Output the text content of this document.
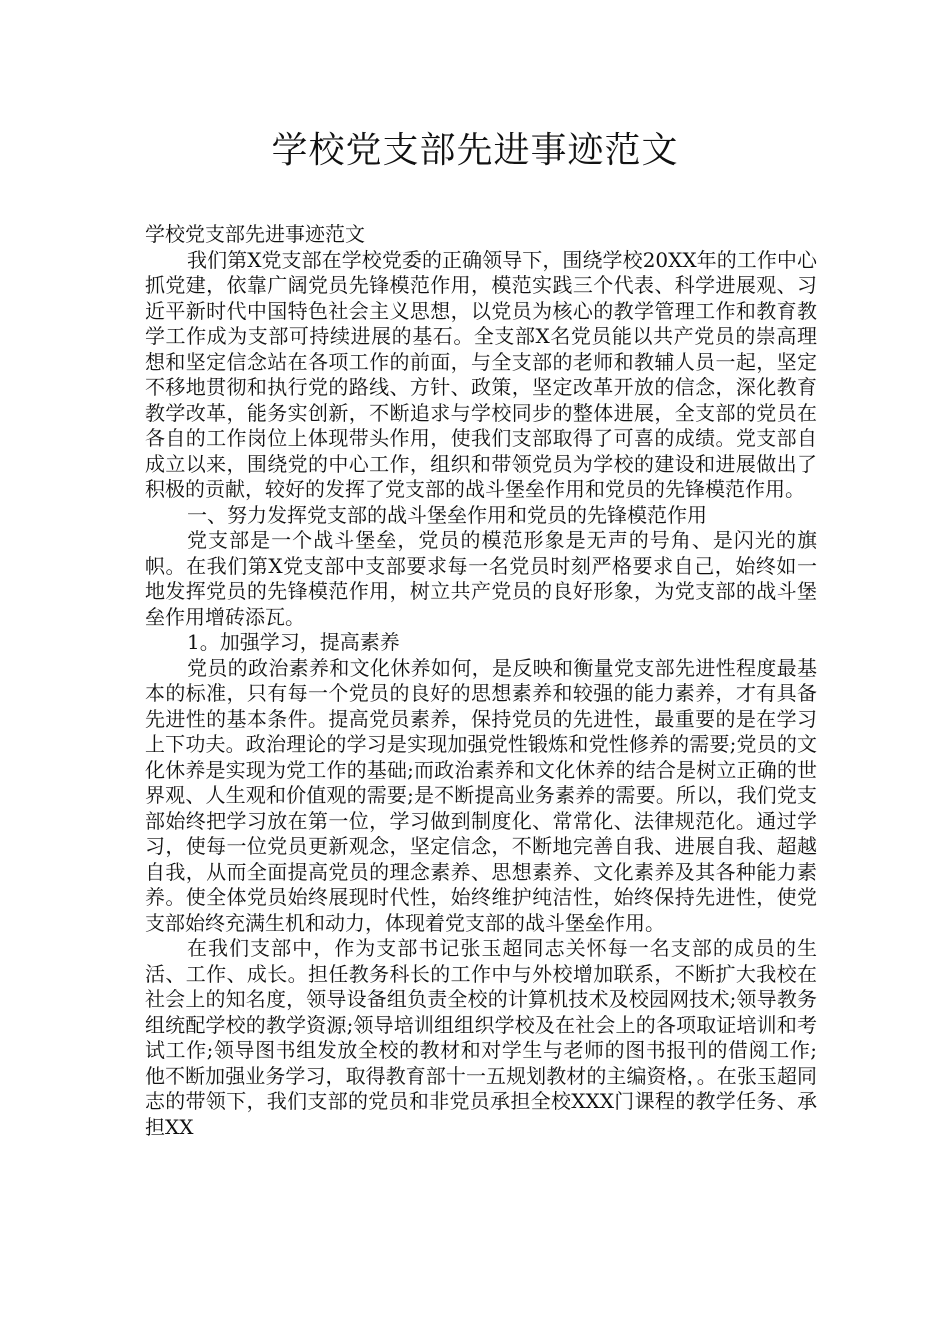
学校党支部先进事迹范文

学校党支部先进事迹范文

我们第X党支部在学校党委的正确领导下，围绕学校20XX年的工作中心抓党建，依靠广阔党员先锋模范作用，模范实践三个代表、科学进展观、习近平新时代中国特色社会主义思想，以党员为核心的教学管理工作和教育教学工作成为支部可持续进展的基石。全支部X名党员能以共产党员的崇高理想和坚定信念站在各项工作的前面，与全支部的老师和教辅人员一起，坚定不移地贯彻和执行党的路线、方针、政策，坚定改革开放的信念，深化教育教学改革，能务实创新，不断追求与学校同步的整体进展，全支部的党员在各自的工作岗位上体现带头作用，使我们支部取得了可喜的成绩。党支部自成立以来，围绕党的中心工作，组织和带领党员为学校的建设和进展做出了积极的贡献，较好的发挥了党支部的战斗堡垒作用和党员的先锋模范作用。

一、努力发挥党支部的战斗堡垒作用和党员的先锋模范作用

党支部是一个战斗堡垒，党员的模范形象是无声的号角、是闪光的旗帜。在我们第X党支部中支部要求每一名党员时刻严格要求自己，始终如一地发挥党员的先锋模范作用，树立共产党员的良好形象，为党支部的战斗堡垒作用增砖添瓦。

1。加强学习，提高素养

党员的政治素养和文化休养如何，是反映和衡量党支部先进性程度最基本的标准，只有每一个党员的良好的思想素养和较强的能力素养，才有具备先进性的基本条件。提高党员素养，保持党员的先进性，最重要的是在学习上下功夫。政治理论的学习是实现加强党性锻炼和党性修养的需要;党员的文化休养是实现为党工作的基础;而政治素养和文化休养的结合是树立正确的世界观、人生观和价值观的需要;是不断提高业务素养的需要。所以，我们党支部始终把学习放在第一位，学习做到制度化、常常化、法律规范化。通过学习，使每一位党员更新观念，坚定信念，不断地完善自我、进展自我、超越自我，从而全面提高党员的理念素养、思想素养、文化素养及其各种能力素养。使全体党员始终展现时代性，始终维护纯洁性，始终保持先进性，使党支部始终充满生机和动力，体现着党支部的战斗堡垒作用。

在我们支部中，作为支部书记张玉超同志关怀每一名支部的成员的生活、工作、成长。担任教务科长的工作中与外校增加联系，不断扩大我校在社会上的知名度，领导设备组负责全校的计算机技术及校园网技术;领导教务组统配学校的教学资源;领导培训组组织学校及在社会上的各项取证培训和考试工作;领导图书组发放全校的教材和对学生与老师的图书报刊的借阅工作;他不断加强业务学习，取得教育部十一五规划教材的主编资格，。在张玉超同志的带领下，我们支部的党员和非党员承担全校XXX门课程的教学任务、承担XX
